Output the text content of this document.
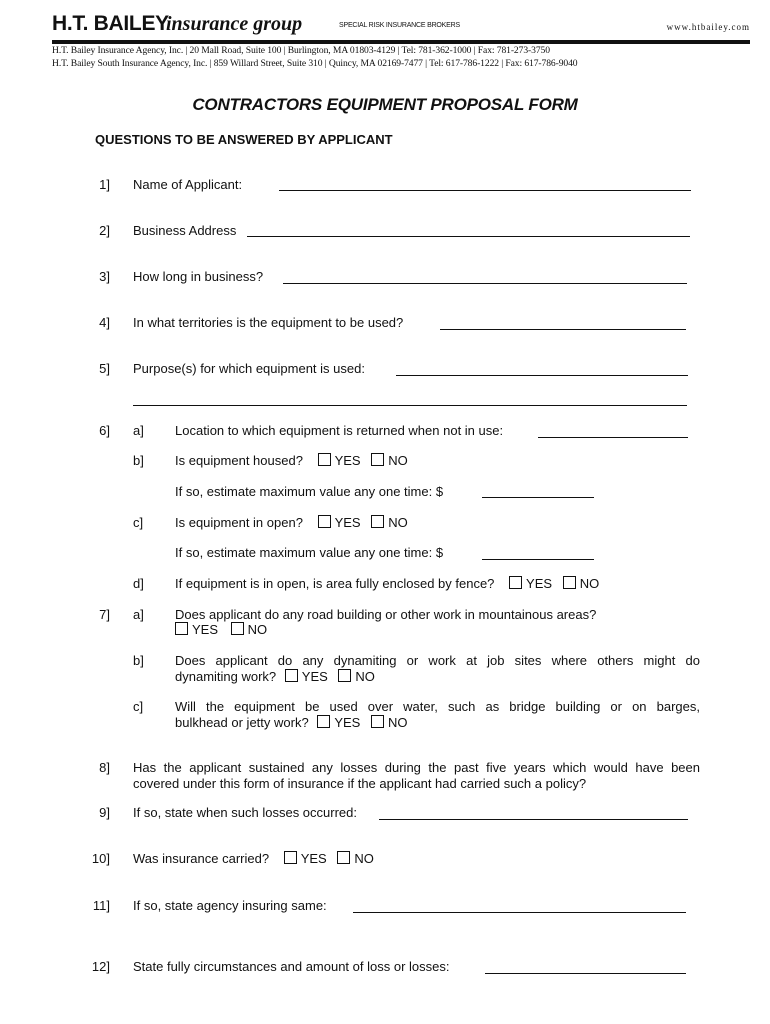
H.T. BAILEY
insurance group	SPECIAL RISK INSURANCE BROKERS	www.htbailey.com
H.T. Bailey Insurance Agency, Inc. | 20 Mall Road, Suite 100 | Burlington, MA 01803-4129 | Tel: 781-362-1000 | Fax: 781-273-3750
H.T. Bailey South Insurance Agency, Inc. | 859 Willard Street, Suite 310 | Quincy, MA 02169-7477 | Tel: 617-786-1222 | Fax: 617-786-9040
CONTRACTORS EQUIPMENT PROPOSAL FORM
QUESTIONS TO BE ANSWERED BY APPLICANT
1] Name of Applicant:
2] Business Address
3] How long in business?
4] In what territories is the equipment to be used?
5] Purpose(s) for which equipment is used:
6] a] Location to which equipment is returned when not in use:
b] Is equipment housed? YES NO
If so, estimate maximum value any one time: $
c] Is equipment in open? YES NO
If so, estimate maximum value any one time: $
d] If equipment is in open, is area fully enclosed by fence? YES NO
7] a] Does applicant do any road building or other work in mountainous areas?
YES NO
b] Does applicant do any dynamiting or work at job sites where others might do
dynamiting work? YES NO
c] Will the equipment be used over water, such as bridge building or on barges,
bulkhead or jetty work? YES NO
8] Has the applicant sustained any losses during the past five years which would have been
covered under this form of insurance if the applicant had carried such a policy?
9] If so, state when such losses occurred:
10] Was insurance carried? YES NO
11] If so, state agency insuring same:
12] State fully circumstances and amount of loss or losses:
